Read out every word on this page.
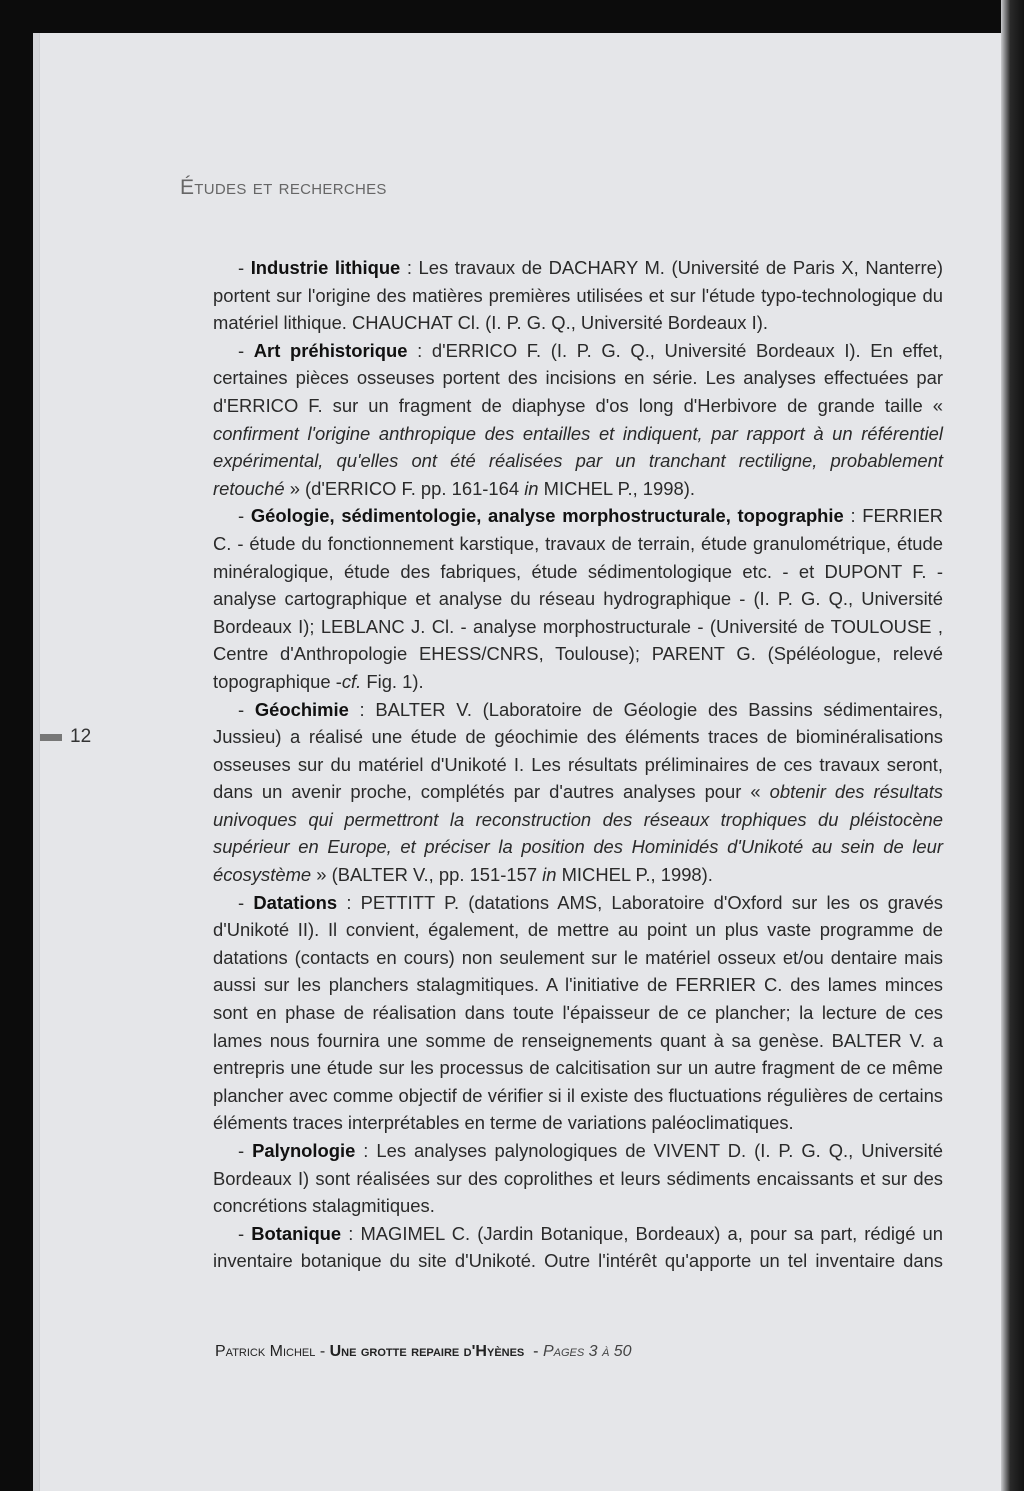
Études et recherches

- Industrie lithique : Les travaux de DACHARY M. (Université de Paris X, Nanterre) portent sur l'origine des matières premières utilisées et sur l'étude typo-technologique du matériel lithique. CHAUCHAT Cl. (I. P. G. Q., Université Bordeaux I).

- Art préhistorique : d'ERRICO F. (I. P. G. Q., Université Bordeaux I). En effet, certaines pièces osseuses portent des incisions en série. Les analyses effectuées par d'ERRICO F. sur un fragment de diaphyse d'os long d'Herbivore de grande taille « confirment l'origine anthropique des entailles et indiquent, par rapport à un référentiel expérimental, qu'elles ont été réalisées par un tranchant rectiligne, probablement retouché » (d'ERRICO F. pp. 161-164 in MICHEL P., 1998).

- Géologie, sédimentologie, analyse morphostructurale, topographie : FERRIER C. - étude du fonctionnement karstique, travaux de terrain, étude granulométrique, étude minéralogique, étude des fabriques, étude sédimentologique etc. - et DUPONT F. - analyse cartographique et analyse du réseau hydrographique - (I. P. G. Q., Université Bordeaux I); LEBLANC J. Cl. - analyse morphostructurale - (Université de TOULOUSE , Centre d'Anthropologie EHESS/CNRS, Toulouse); PARENT G. (Spéléologue, relevé topographique -cf. Fig. 1).

- Géochimie : BALTER V. (Laboratoire de Géologie des Bassins sédimentaires, Jussieu) a réalisé une étude de géochimie des éléments traces de biominéralisations osseuses sur du matériel d'Unikoté I. Les résultats préliminaires de ces travaux seront, dans un avenir proche, complétés par d'autres analyses pour « obtenir des résultats univoques qui permettront la reconstruction des réseaux trophiques du pléistocène supérieur en Europe, et préciser la position des Hominidés d'Unikoté au sein de leur écosystème » (BALTER V., pp. 151-157 in MICHEL P., 1998).

- Datations : PETTITT P. (datations AMS, Laboratoire d'Oxford sur les os gravés d'Unikoté II). Il convient, également, de mettre au point un plus vaste programme de datations (contacts en cours) non seulement sur le matériel osseux et/ou dentaire mais aussi sur les planchers stalagmitiques. A l'initiative de FERRIER C. des lames minces sont en phase de réalisation dans toute l'épaisseur de ce plancher; la lecture de ces lames nous fournira une somme de renseignements quant à sa genèse. BALTER V. a entrepris une étude sur les processus de calcitisation sur un autre fragment de ce même plancher avec comme objectif de vérifier si il existe des fluctuations régulières de certains éléments traces interprétables en terme de variations paléoclimatiques.

- Palynologie : Les analyses palynologiques de VIVENT D. (I. P. G. Q., Université Bordeaux I) sont réalisées sur des coprolithes et leurs sédiments encaissants et sur des concrétions stalagmitiques.

- Botanique : MAGIMEL C. (Jardin Botanique, Bordeaux) a, pour sa part, rédigé un inventaire botanique du site d'Unikoté. Outre l'intérêt qu'apporte un tel inventaire dans

Patrick Michel - Une grotte repaire d'Hyènes  - Pages 3 à 50
12
